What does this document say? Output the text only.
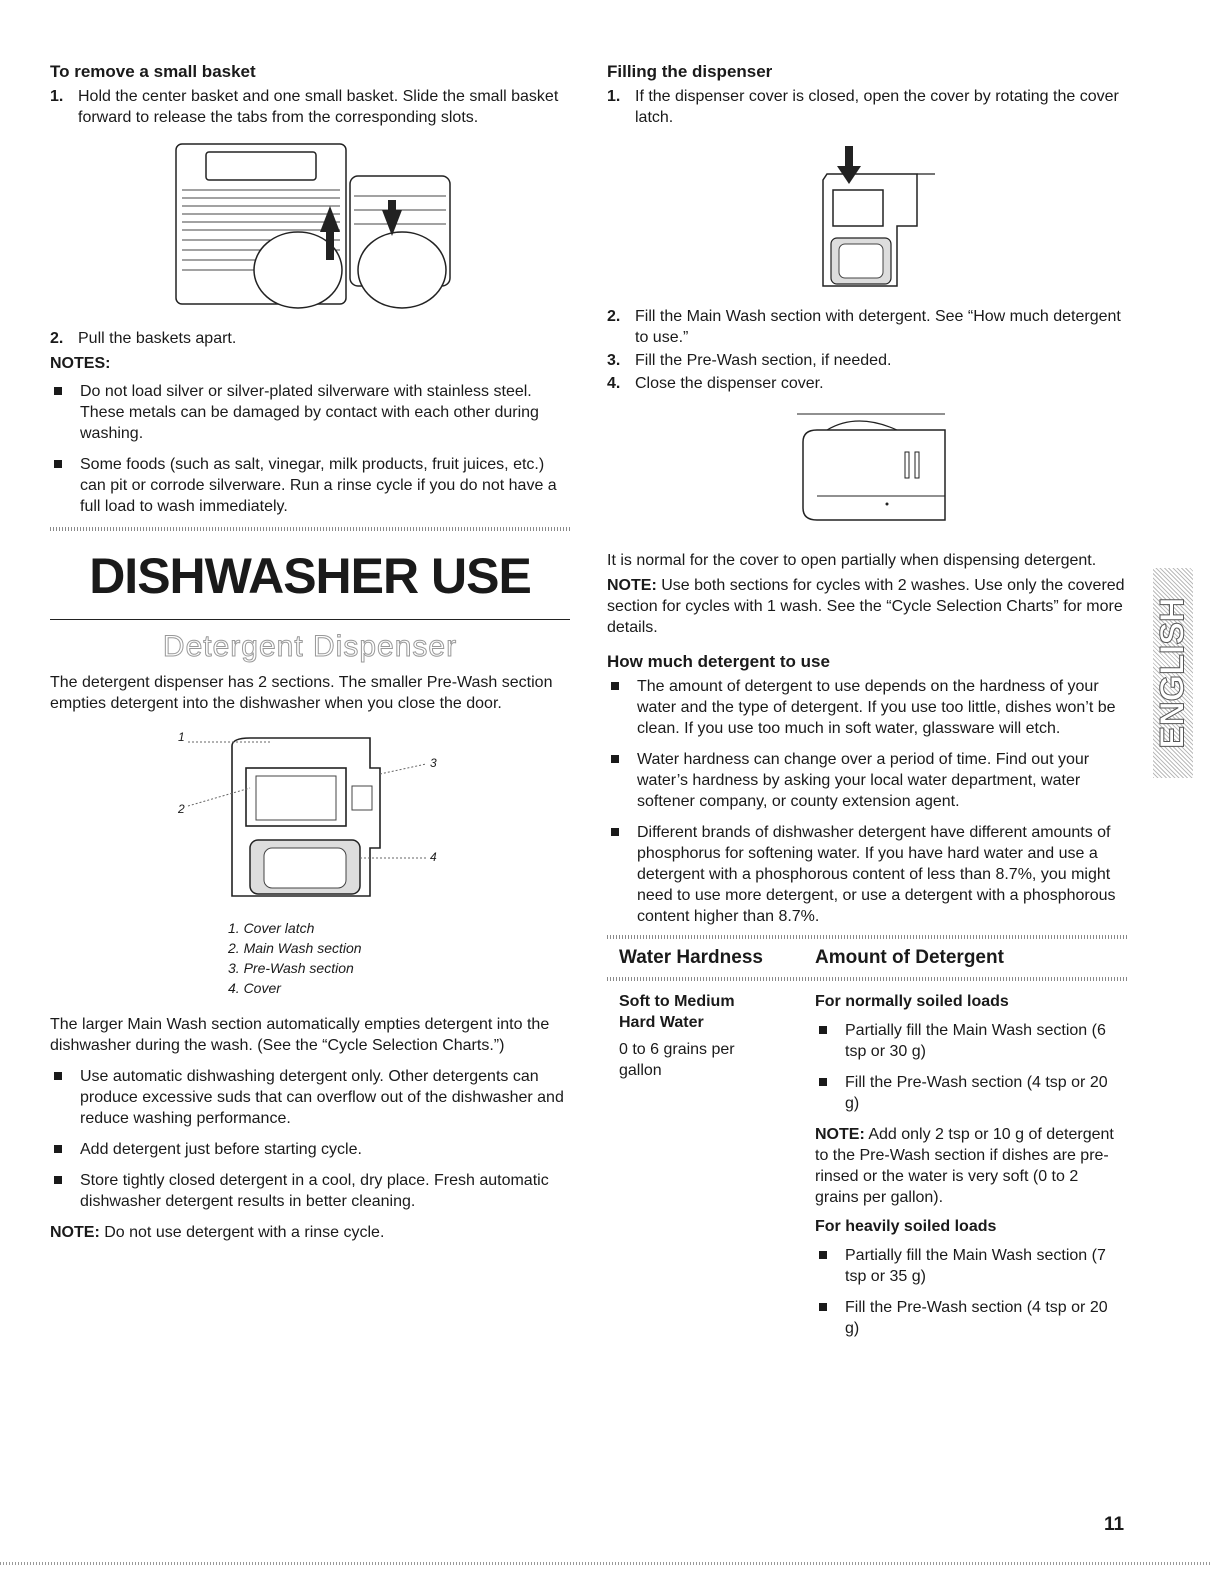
To remove a small basket
1. Hold the center basket and one small basket. Slide the small basket forward to release the tabs from the corresponding slots.
2. Pull the baskets apart.
NOTES:
Do not load silver or silver-plated silverware with stainless steel. These metals can be damaged by contact with each other during washing.
Some foods (such as salt, vinegar, milk products, fruit juices, etc.) can pit or corrode silverware. Run a rinse cycle if you do not have a full load to wash immediately.
DISHWASHER USE
Detergent Dispenser

The detergent dispenser has 2 sections. The smaller Pre-Wash section empties detergent into the dishwasher when you close the door.

1
2
3
4
1. Cover latch
2. Main Wash section
3. Pre-Wash section
4. Cover

The larger Main Wash section automatically empties detergent into the dishwasher during the wash. (See the “Cycle Selection Charts.”)

Use automatic dishwashing detergent only. Other detergents can produce excessive suds that can overflow out of the dishwasher and reduce washing performance.
Add detergent just before starting cycle.
Store tightly closed detergent in a cool, dry place. Fresh automatic dishwasher detergent results in better cleaning.

NOTE: Do not use detergent with a rinse cycle.

Filling the dispenser
1. If the dispenser cover is closed, open the cover by rotating the cover latch.
2. Fill the Main Wash section with detergent. See “How much detergent to use.”
3. Fill the Pre-Wash section, if needed.
4. Close the dispenser cover.

It is normal for the cover to open partially when dispensing detergent.

NOTE: Use both sections for cycles with 2 washes. Use only the covered section for cycles with 1 wash. See the “Cycle Selection Charts” for more details.

How much detergent to use
The amount of detergent to use depends on the hardness of your water and the type of detergent. If you use too little, dishes won’t be clean. If you use too much in soft water, glassware will etch.
Water hardness can change over a period of time. Find out your water’s hardness by asking your local water department, water softener company, or county extension agent.
Different brands of dishwasher detergent have different amounts of phosphorus for softening water. If you have hard water and use a detergent with a phosphorous content of less than 8.7%, you might need to use more detergent, or use a detergent with a phosphorous content higher than 8.7%.
Water Hardness	Amount of Detergent
Soft to Medium Hard Water
0 to 6 grains per gallon
For normally soiled loads
Partially fill the Main Wash section (6 tsp or 30 g)
Fill the Pre-Wash section (4 tsp or 20 g)

NOTE: Add only 2 tsp or 10 g of detergent to the Pre-Wash section if dishes are pre-rinsed or the water is very soft (0 to 2 grains per gallon).

For heavily soiled loads
Partially fill the Main Wash section (7 tsp or 35 g)
Fill the Pre-Wash section (4 tsp or 20 g)
ENGLISH
11
